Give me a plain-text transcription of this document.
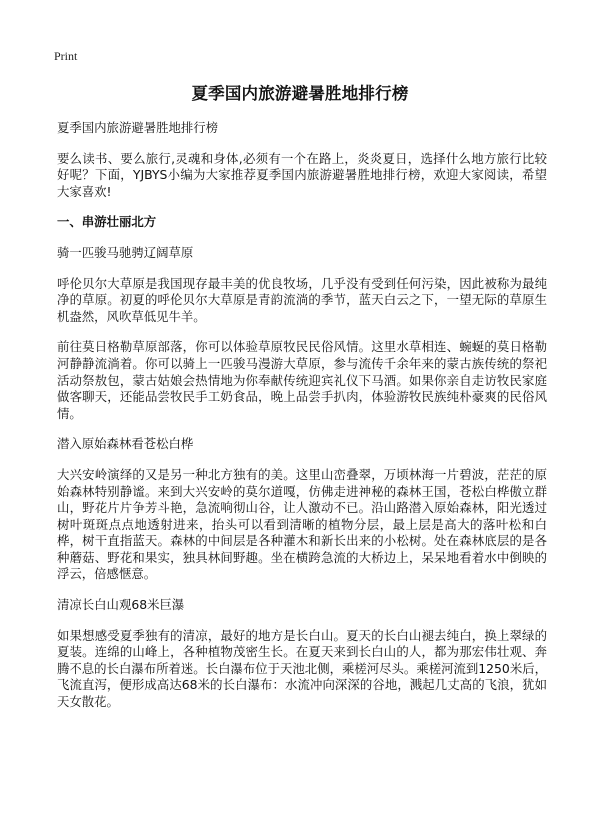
Print
夏季国内旅游避暑胜地排行榜

夏季国内旅游避暑胜地排行榜

要么读书、要么旅行,灵魂和身体,必须有一个在路上，炎炎夏日，选择什么地方旅行比较好呢？下面，YJBYS小编为大家推荐夏季国内旅游避暑胜地排行榜，欢迎大家阅读，希望大家喜欢!

一、串游壮丽北方

骑一匹骏马驰骋辽阔草原

呼伦贝尔大草原是我国现存最丰美的优良牧场，几乎没有受到任何污染，因此被称为最纯净的草原。初夏的呼伦贝尔大草原是青韵流淌的季节，蓝天白云之下，一望无际的草原生机盎然，风吹草低见牛羊。

前往莫日格勒草原部落，你可以体验草原牧民民俗风情。这里水草相连、蜿蜒的莫日格勒河静静流淌着。你可以骑上一匹骏马漫游大草原，参与流传千余年来的蒙古族传统的祭祀活动祭敖包，蒙古姑娘会热情地为你奉献传统迎宾礼仪下马酒。如果你亲自走访牧民家庭做客聊天，还能品尝牧民手工奶食品，晚上品尝手扒肉，体验游牧民族纯朴豪爽的民俗风情。

潜入原始森林看苍松白桦

大兴安岭演绎的又是另一种北方独有的美。这里山峦叠翠，万顷林海一片碧波，茫茫的原始森林特别静谧。来到大兴安岭的莫尔道嘎，仿佛走进神秘的森林王国，苍松白桦傲立群山，野花片片争芳斗艳，急流响彻山谷，让人激动不已。沿山路潜入原始森林，阳光透过树叶斑斑点点地透射进来，抬头可以看到清晰的植物分层，最上层是高大的落叶松和白桦，树干直指蓝天。森林的中间层是各种灌木和新长出来的小松树。处在森林底层的是各种蘑菇、野花和果实，独具林间野趣。坐在横跨急流的大桥边上，呆呆地看着水中倒映的浮云，倍感惬意。

清凉长白山观68米巨瀑

如果想感受夏季独有的清凉，最好的地方是长白山。夏天的长白山褪去纯白，换上翠绿的夏装。连绵的山峰上，各种植物茂密生长。在夏天来到长白山的人，都为那宏伟壮观、奔腾不息的长白瀑布所着迷。长白瀑布位于天池北侧，乘槎河尽头。乘槎河流到1250米后，飞流直泻，便形成高达68米的长白瀑布：水流冲向深深的谷地，溅起几丈高的飞浪，犹如天女散花。
